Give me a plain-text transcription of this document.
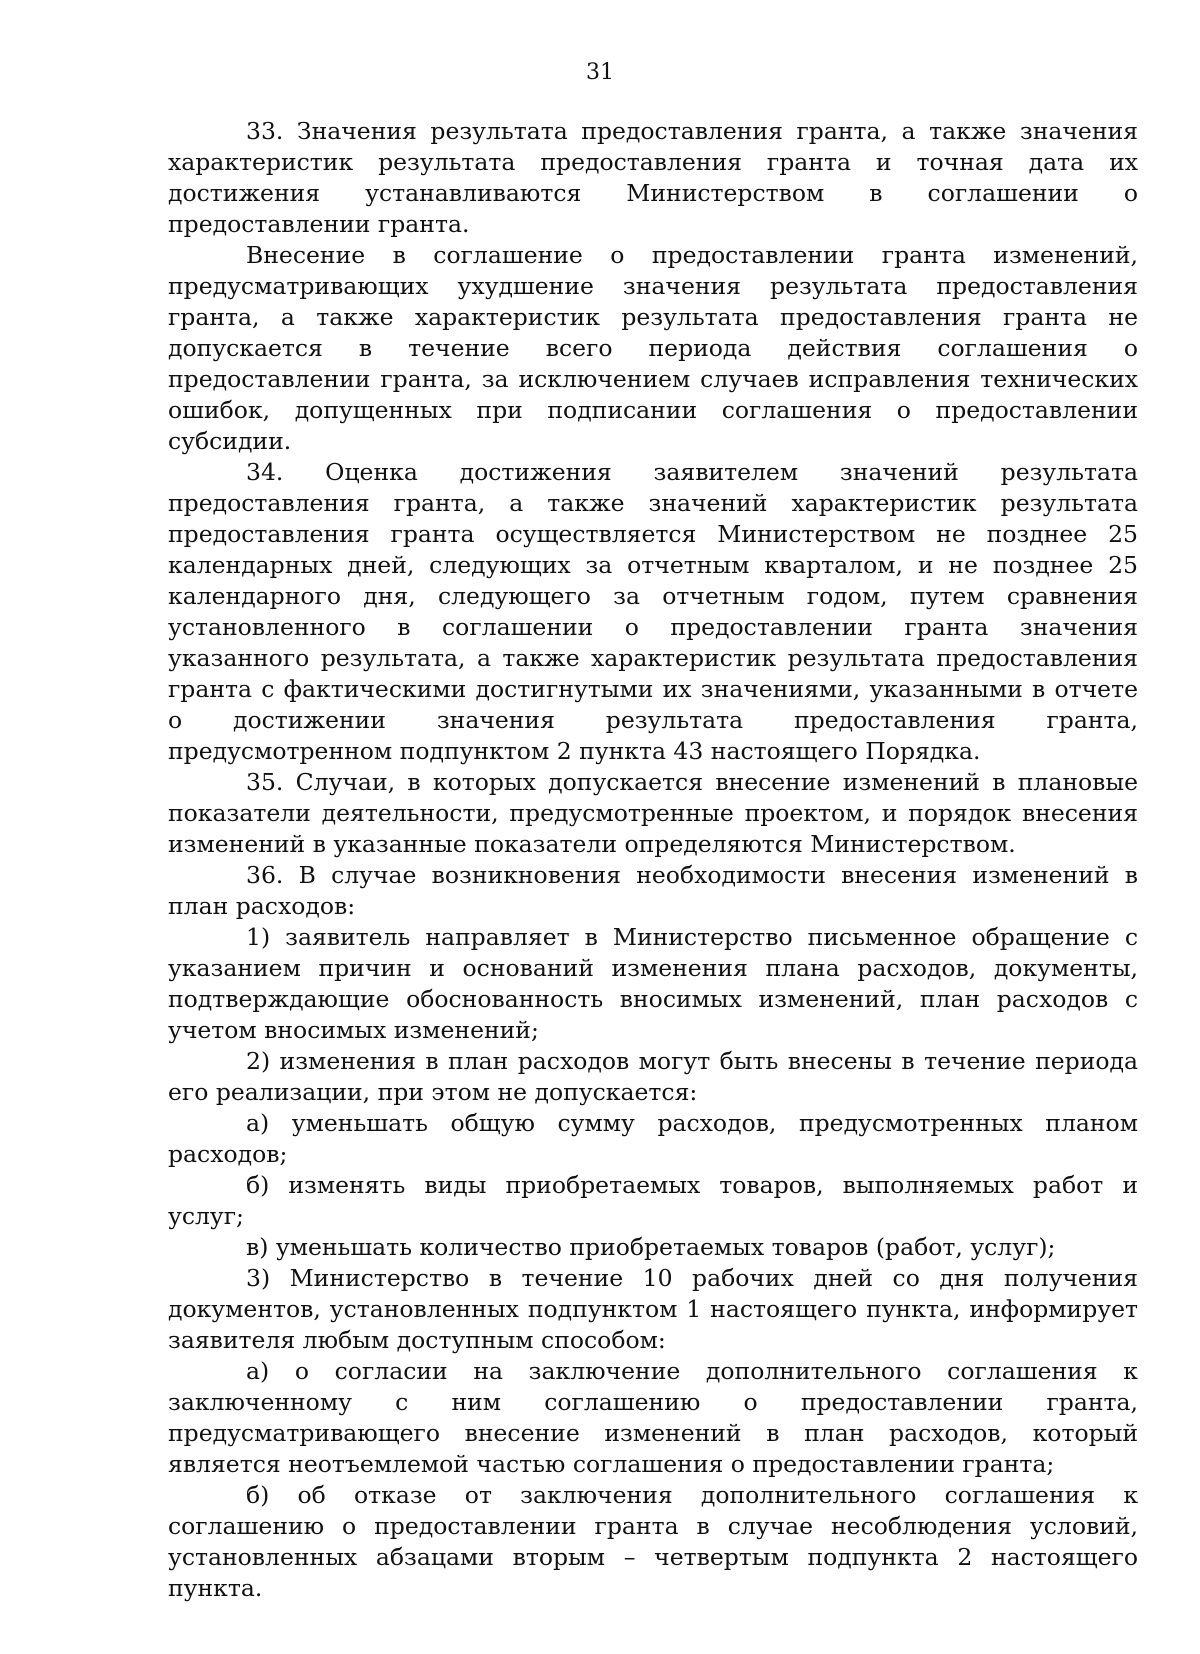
31

33. Значения результата предоставления гранта, а также значения характеристик результата предоставления гранта и точная дата их достижения устанавливаются Министерством в соглашении о предоставлении гранта.

Внесение в соглашение о предоставлении гранта изменений, предусматривающих ухудшение значения результата предоставления гранта, а также характеристик результата предоставления гранта не допускается в течение всего периода действия соглашения о предоставлении гранта, за исключением случаев исправления технических ошибок, допущенных при подписании соглашения о предоставлении субсидии.

34. Оценка достижения заявителем значений результата предоставления гранта, а также значений характеристик результата предоставления гранта осуществляется Министерством не позднее 25 календарных дней, следующих за отчетным кварталом, и не позднее 25 календарного дня, следующего за отчетным годом, путем сравнения установленного в соглашении о предоставлении гранта значения указанного результата, а также характеристик результата предоставления гранта с фактическими достигнутыми их значениями, указанными в отчете о достижении значения результата предоставления гранта, предусмотренном подпунктом 2 пункта 43 настоящего Порядка.

35. Случаи, в которых допускается внесение изменений в плановые показатели деятельности, предусмотренные проектом, и порядок внесения изменений в указанные показатели определяются Министерством.

36. В случае возникновения необходимости внесения изменений в план расходов:

1) заявитель направляет в Министерство письменное обращение с указанием причин и оснований изменения плана расходов, документы, подтверждающие обоснованность вносимых изменений, план расходов с учетом вносимых изменений;

2) изменения в план расходов могут быть внесены в течение периода его реализации, при этом не допускается:

а) уменьшать общую сумму расходов, предусмотренных планом расходов;

б) изменять виды приобретаемых товаров, выполняемых работ и услуг;

в) уменьшать количество приобретаемых товаров (работ, услуг);

3) Министерство в течение 10 рабочих дней со дня получения документов, установленных подпунктом 1 настоящего пункта, информирует заявителя любым доступным способом:

а) о согласии на заключение дополнительного соглашения к заключенному с ним соглашению о предоставлении гранта, предусматривающего внесение изменений в план расходов, который является неотъемлемой частью соглашения о предоставлении гранта;

б) об отказе от заключения дополнительного соглашения к соглашению о предоставлении гранта в случае несоблюдения условий, установленных абзацами вторым – четвертым подпункта 2 настоящего пункта.
